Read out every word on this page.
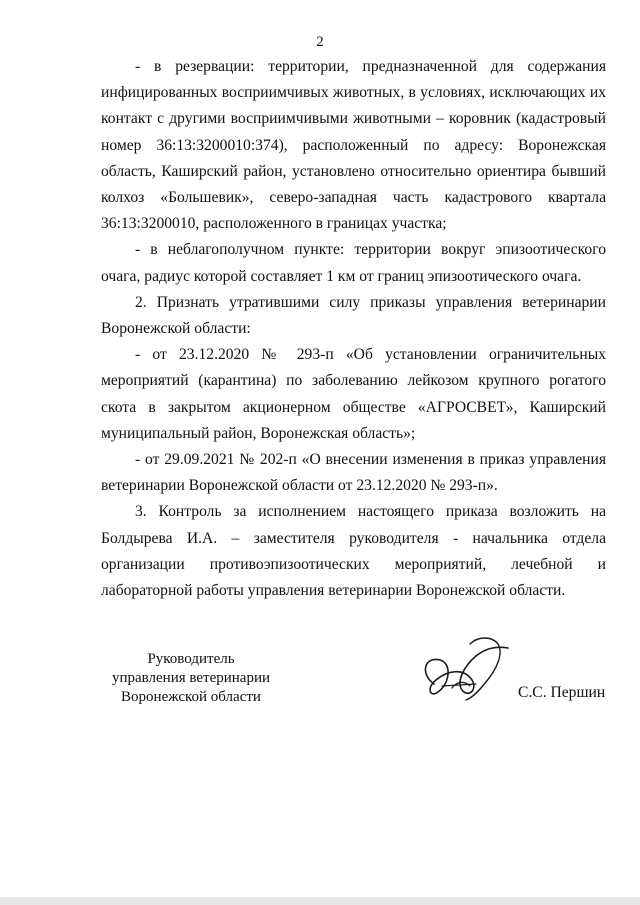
2

- в резервации: территории, предназначенной для содержания инфицированных восприимчивых животных, в условиях, исключающих их контакт с другими восприимчивыми животными – коровник (кадастровый номер 36:13:3200010:374), расположенный по адресу: Воронежская область, Каширский район, установлено относительно ориентира бывший колхоз «Большевик», северо-западная часть кадастрового квартала 36:13:3200010, расположенного в границах участка;

- в неблагополучном пункте: территории вокруг эпизоотического очага, радиус которой составляет 1 км от границ эпизоотического очага.

2. Признать утратившими силу приказы управления ветеринарии Воронежской области:

- от 23.12.2020 № 293-п «Об установлении ограничительных мероприятий (карантина) по заболеванию лейкозом крупного рогатого скота в закрытом акционерном обществе «АГРОСВЕТ», Каширский муниципальный район, Воронежская область»;

- от 29.09.2021 № 202-п «О внесении изменения в приказ управления ветеринарии Воронежской области от 23.12.2020 № 293-п».

3. Контроль за исполнением настоящего приказа возложить на Болдырева И.А. – заместителя руководителя - начальника отдела организации противоэпизоотических мероприятий, лечебной и лабораторной работы управления ветеринарии Воронежской области.

Руководитель
управления ветеринарии
Воронежской области	С.С. Першин
